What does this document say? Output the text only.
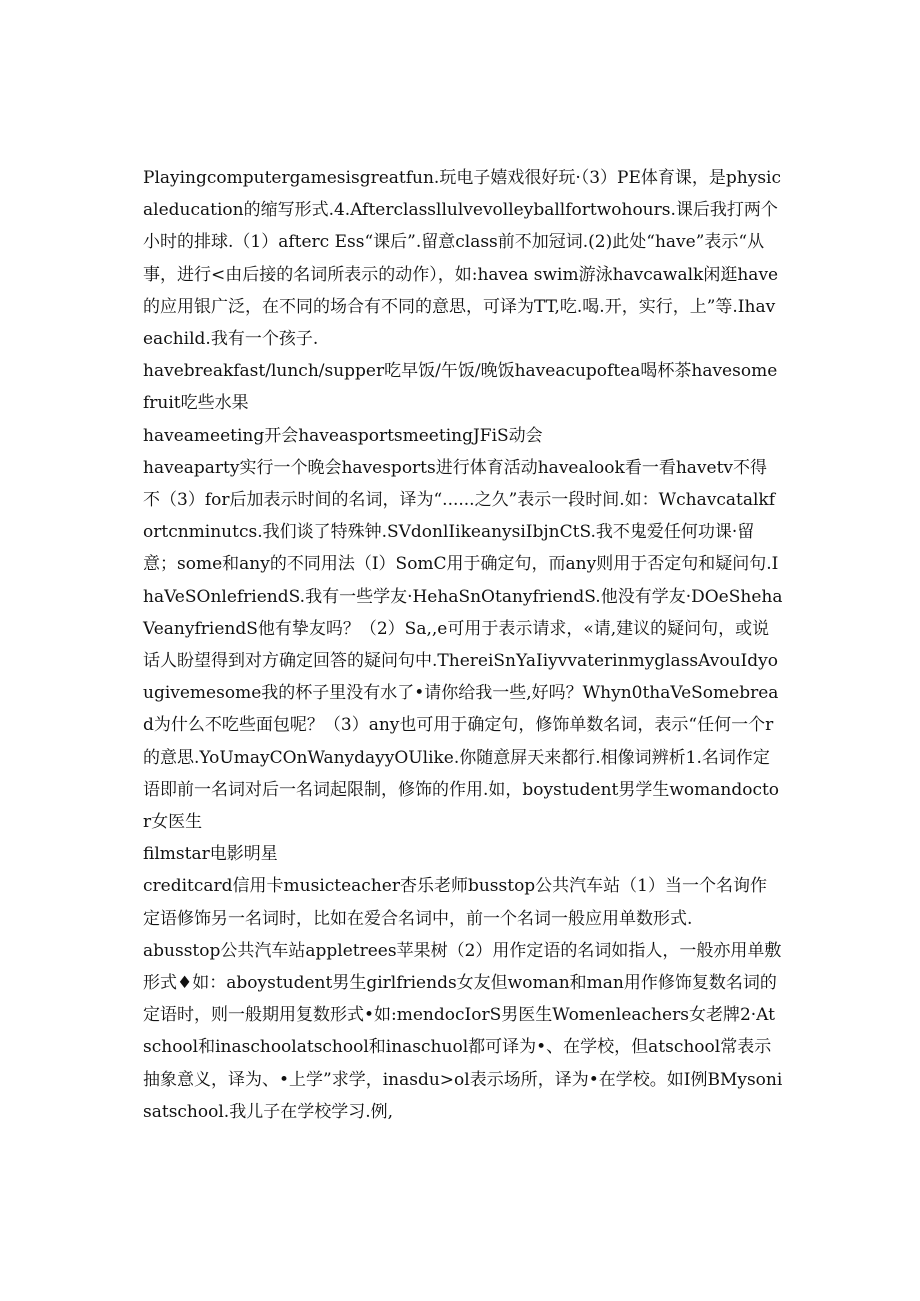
Playingcomputergamesisgreatfun.玩电子嬉戏很好玩·（3）PE体育课，是physicaleducation的缩写形式.4.Afterclassllulvevolleyballfortwohours.课后我打两个小时的排球.（1）afterc Ess“课后”.留意class前不加冠词.(2)此处“have”表示“从事，进行<由后接的名词所表示的动作），如:havea swim游泳havcawalk闲逛have的应用银广泛，在不同的场合有不同的意思，可译为TT,吃.喝.开，实行，上”等.Ihaveachild.我有一个孩子.

havebreakfast/lunch/supper吃早饭/午饭/晚饭haveacupoftea喝杯茶havesomefruit吃些水果

haveameeting开会haveasportsmeetingJFiS动会

haveaparty实行一个晚会havesports进行体育活动havealook看一看havetv不得不（3）for后加表示时间的名词，译为“......之久”表示一段时间.如：Wchavcatalkfortcnminutcs.我们谈了特殊钟.SVdonlIikeanysiIbjnCtS.我不鬼爱任何功课·留意；some和any的不同用法（I）SomC用于确定句，而any则用于否定句和疑问句.IhaVeSOnlefriendS.我有一些学友·HehaSnOtanyfriendS.他没有学友·DOeShehaVeanyfriendS他有挚友吗？（2）Sa,,e可用于表示请求，«请,建议的疑问句，或说话人盼望得到对方确定回答的疑问句中.ThereiSnYaIiyvvaterinmyglassAvouIdyougivemesome我的杯子里没有水了•请你给我一些,好吗？Whyn0thaVeSomebread为什么不吃些面包呢？（3）any也可用于确定句，修饰单数名词，表示“任何一个r的意思.YoUmayCOnWanydayyOUlike.你随意屏天来都行.相像词辨析1.名词作定语即前一名词对后一名词起限制，修饰的作用.如，boystudent男学生womandoctor女医生

filmstar电影明星

creditcard信用卡musicteacher杏乐老师busstop公共汽车站（1）当一个名询作定语修饰另一名词时，比如在爱合名词中，前一个名词一般应用单数形式.

abusstop公共汽车站appletrees苹果树（2）用作定语的名词如指人，一般亦用单敷形式♦如：aboystudent男生girlfriends女友但woman和man用作修饰复数名词的定语时，则一般期用复数形式•如:mendocIorS男医生Womenleachers女老牌2·Atschool和inaschoolatschool和inaschuol都可译为•、在学校，但atschool常表示抽象意义，译为、•上学”求学，inasdu>ol表示场所，译为•在学校。如I例BMysonisatschool.我儿子在学校学习.例,
